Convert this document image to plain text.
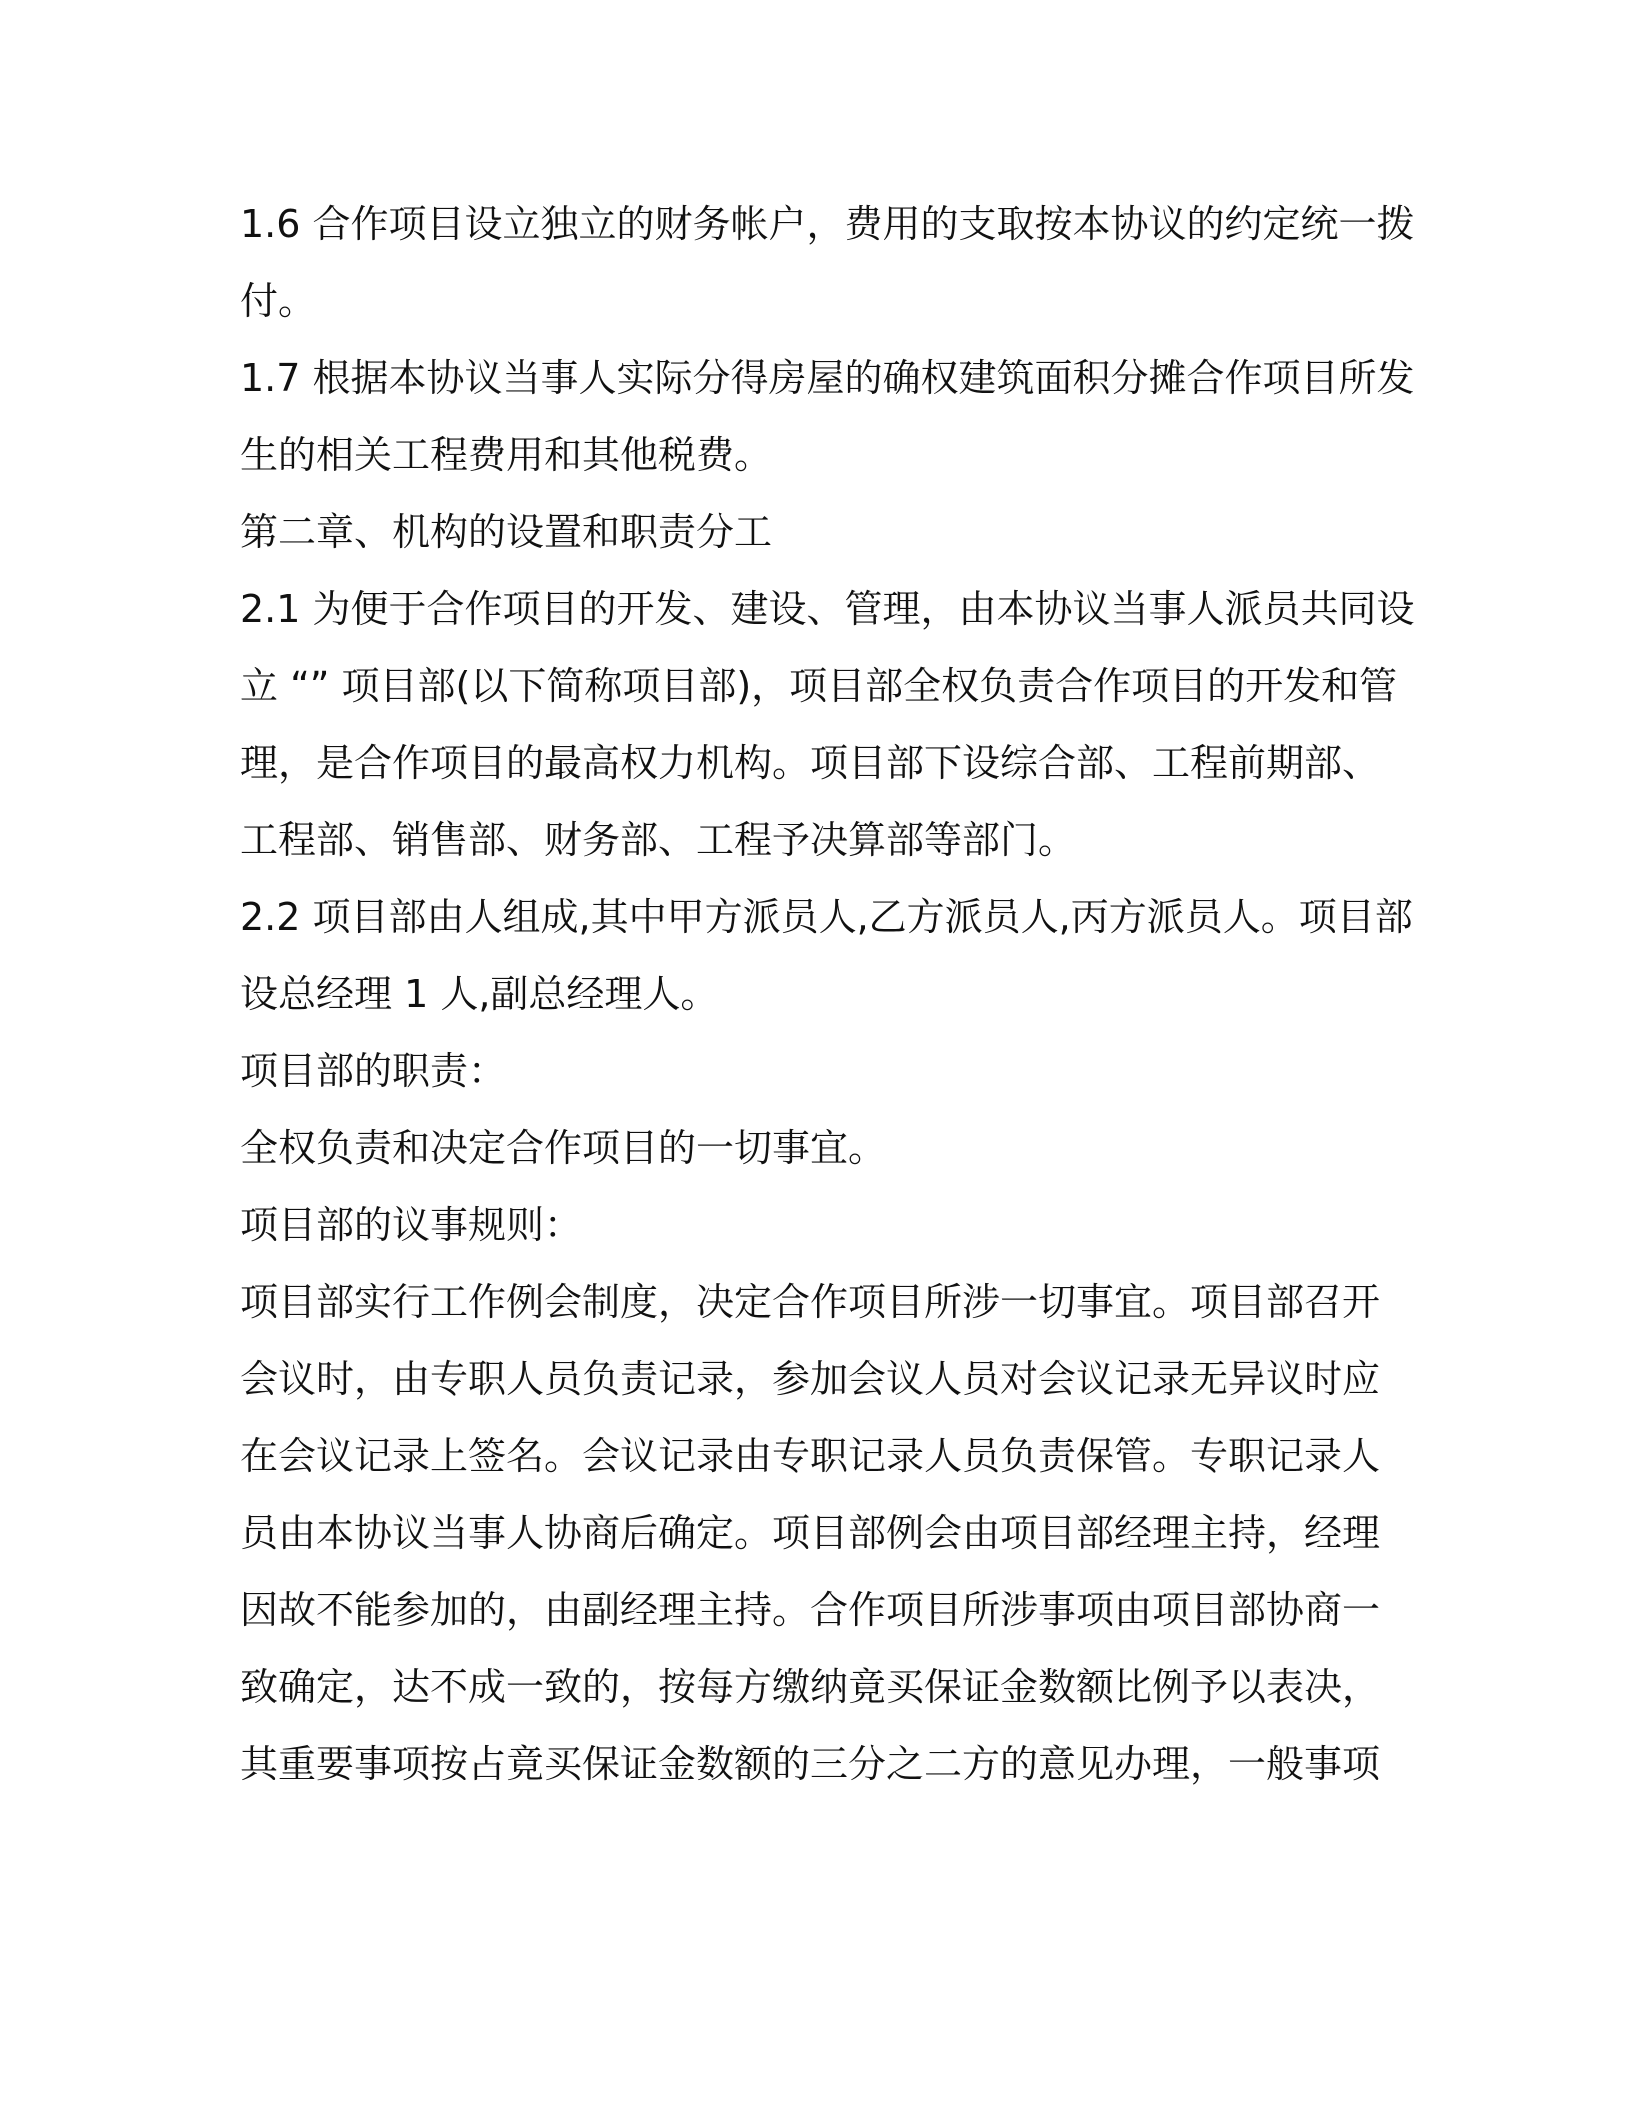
1.6 合作项目设立独立的财务帐户，费用的支取按本协议的约定统一拨
付。
1.7 根据本协议当事人实际分得房屋的确权建筑面积分摊合作项目所发
生的相关工程费用和其他税费。
第二章、机构的设置和职责分工
2.1 为便于合作项目的开发、建设、管理，由本协议当事人派员共同设
立 “” 项目部(以下简称项目部)，项目部全权负责合作项目的开发和管
理，是合作项目的最高权力机构。项目部下设综合部、工程前期部、
工程部、销售部、财务部、工程予决算部等部门。
2.2 项目部由人组成,其中甲方派员人,乙方派员人,丙方派员人。项目部
设总经理 1 人,副总经理人。
项目部的职责：
全权负责和决定合作项目的一切事宜。
项目部的议事规则：
项目部实行工作例会制度，决定合作项目所涉一切事宜。项目部召开
会议时，由专职人员负责记录，参加会议人员对会议记录无异议时应
在会议记录上签名。会议记录由专职记录人员负责保管。专职记录人
员由本协议当事人协商后确定。项目部例会由项目部经理主持，经理
因故不能参加的，由副经理主持。合作项目所涉事项由项目部协商一
致确定，达不成一致的，按每方缴纳竟买保证金数额比例予以表决，
其重要事项按占竟买保证金数额的三分之二方的意见办理，一般事项
